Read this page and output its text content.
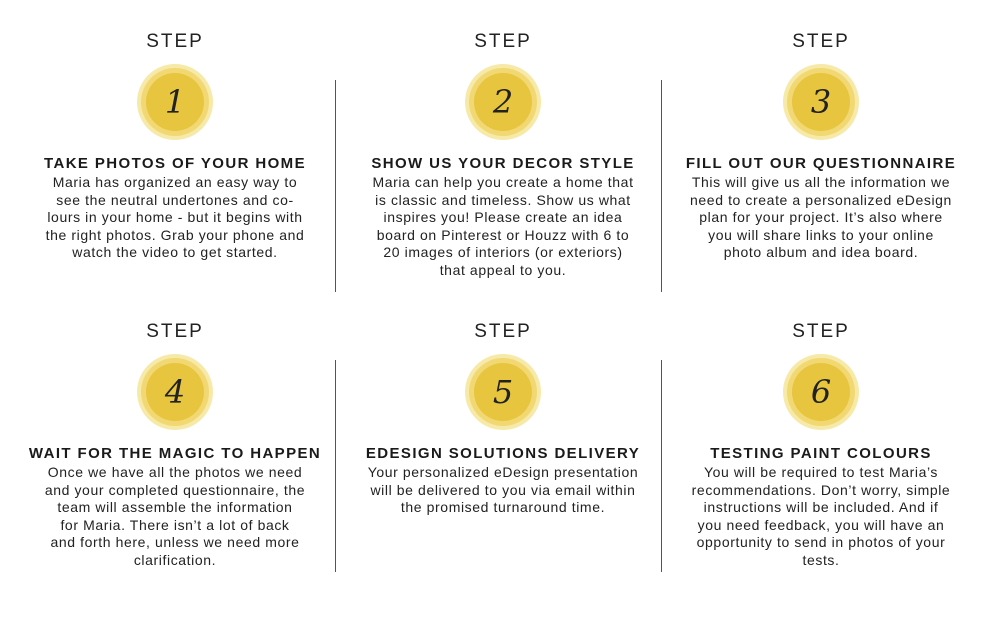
STEP
1
TAKE PHOTOS OF YOUR HOME
Maria has organized an easy way to
see the neutral undertones and co-
lours in your home - but it begins with
the right photos. Grab your phone and
watch the video to get started.
STEP
2
SHOW US YOUR DECOR STYLE
Maria can help you create a home that
is classic and timeless. Show us what
inspires you! Please create an idea
board on Pinterest or Houzz with 6 to
20 images of interiors (or exteriors)
that appeal to you.
STEP
3
FILL OUT OUR QUESTIONNAIRE
This will give us all the information we
need to create a personalized eDesign
plan for your project. It’s also where
you will share links to your online
photo album and idea board.
STEP
4
WAIT FOR THE MAGIC TO HAPPEN
Once we have all the photos we need
and your completed questionnaire, the
team will assemble the information
for Maria. There isn’t a lot of back
and forth here, unless we need more
clarification.
STEP
5
EDESIGN SOLUTIONS DELIVERY
Your personalized eDesign presentation
will be delivered to you via email within
the promised turnaround time.
STEP
6
TESTING PAINT COLOURS
You will be required to test Maria’s
recommendations. Don’t worry, simple
instructions will be included. And if
you need feedback, you will have an
opportunity to send in photos of your
tests.
